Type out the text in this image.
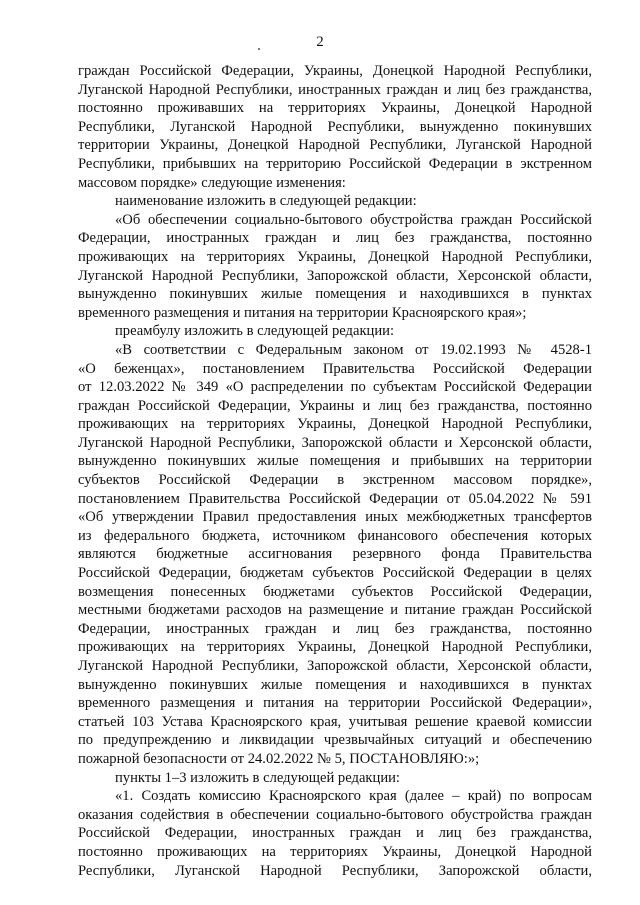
2

граждан Российской Федерации, Украины, Донецкой Народной Республики,

Луганской Народной Республики, иностранных граждан и лиц без гражданства,

постоянно проживавших на территориях Украины, Донецкой Народной

Республики, Луганской Народной Республики, вынужденно покинувших

территории Украины, Донецкой Народной Республики, Луганской Народной

Республики, прибывших на территорию Российской Федерации в экстренном

массовом порядке» следующие изменения:

наименование изложить в следующей редакции:

«Об обеспечении социально-бытового обустройства граждан Российской

Федерации, иностранных граждан и лиц без гражданства, постоянно

проживающих на территориях Украины, Донецкой Народной Республики,

Луганской Народной Республики, Запорожской области, Херсонской области,

вынужденно покинувших жилые помещения и находившихся в пунктах

временного размещения и питания на территории Красноярского края»;

преамбулу изложить в следующей редакции:

«В соответствии с Федеральным законом от 19.02.1993 № 4528-1

«О беженцах», постановлением Правительства Российской Федерации

от 12.03.2022 № 349 «О распределении по субъектам Российской Федерации

граждан Российской Федерации, Украины и лиц без гражданства, постоянно

проживающих на территориях Украины, Донецкой Народной Республики,

Луганской Народной Республики, Запорожской области и Херсонской области,

вынужденно покинувших жилые помещения и прибывших на территории

субъектов Российской Федерации в экстренном массовом порядке»,

постановлением Правительства Российской Федерации от 05.04.2022 № 591

«Об утверждении Правил предоставления иных межбюджетных трансфертов

из федерального бюджета, источником финансового обеспечения которых

являются бюджетные ассигнования резервного фонда Правительства

Российской Федерации, бюджетам субъектов Российской Федерации в целях

возмещения понесенных бюджетами субъектов Российской Федерации,

местными бюджетами расходов на размещение и питание граждан Российской

Федерации, иностранных граждан и лиц без гражданства, постоянно

проживающих на территориях Украины, Донецкой Народной Республики,

Луганской Народной Республики, Запорожской области, Херсонской области,

вынужденно покинувших жилые помещения и находившихся в пунктах

временного размещения и питания на территории Российской Федерации»,

статьей 103 Устава Красноярского края, учитывая решение краевой комиссии

по предупреждению и ликвидации чрезвычайных ситуаций и обеспечению

пожарной безопасности от 24.02.2022 № 5, ПОСТАНОВЛЯЮ:»;

пункты 1–3 изложить в следующей редакции:

«1. Создать комиссию Красноярского края (далее – край) по вопросам

оказания содействия в обеспечении социально-бытового обустройства граждан

Российской Федерации, иностранных граждан и лиц без гражданства,

постоянно проживающих на территориях Украины, Донецкой Народной

Республики, Луганской Народной Республики, Запорожской области,
